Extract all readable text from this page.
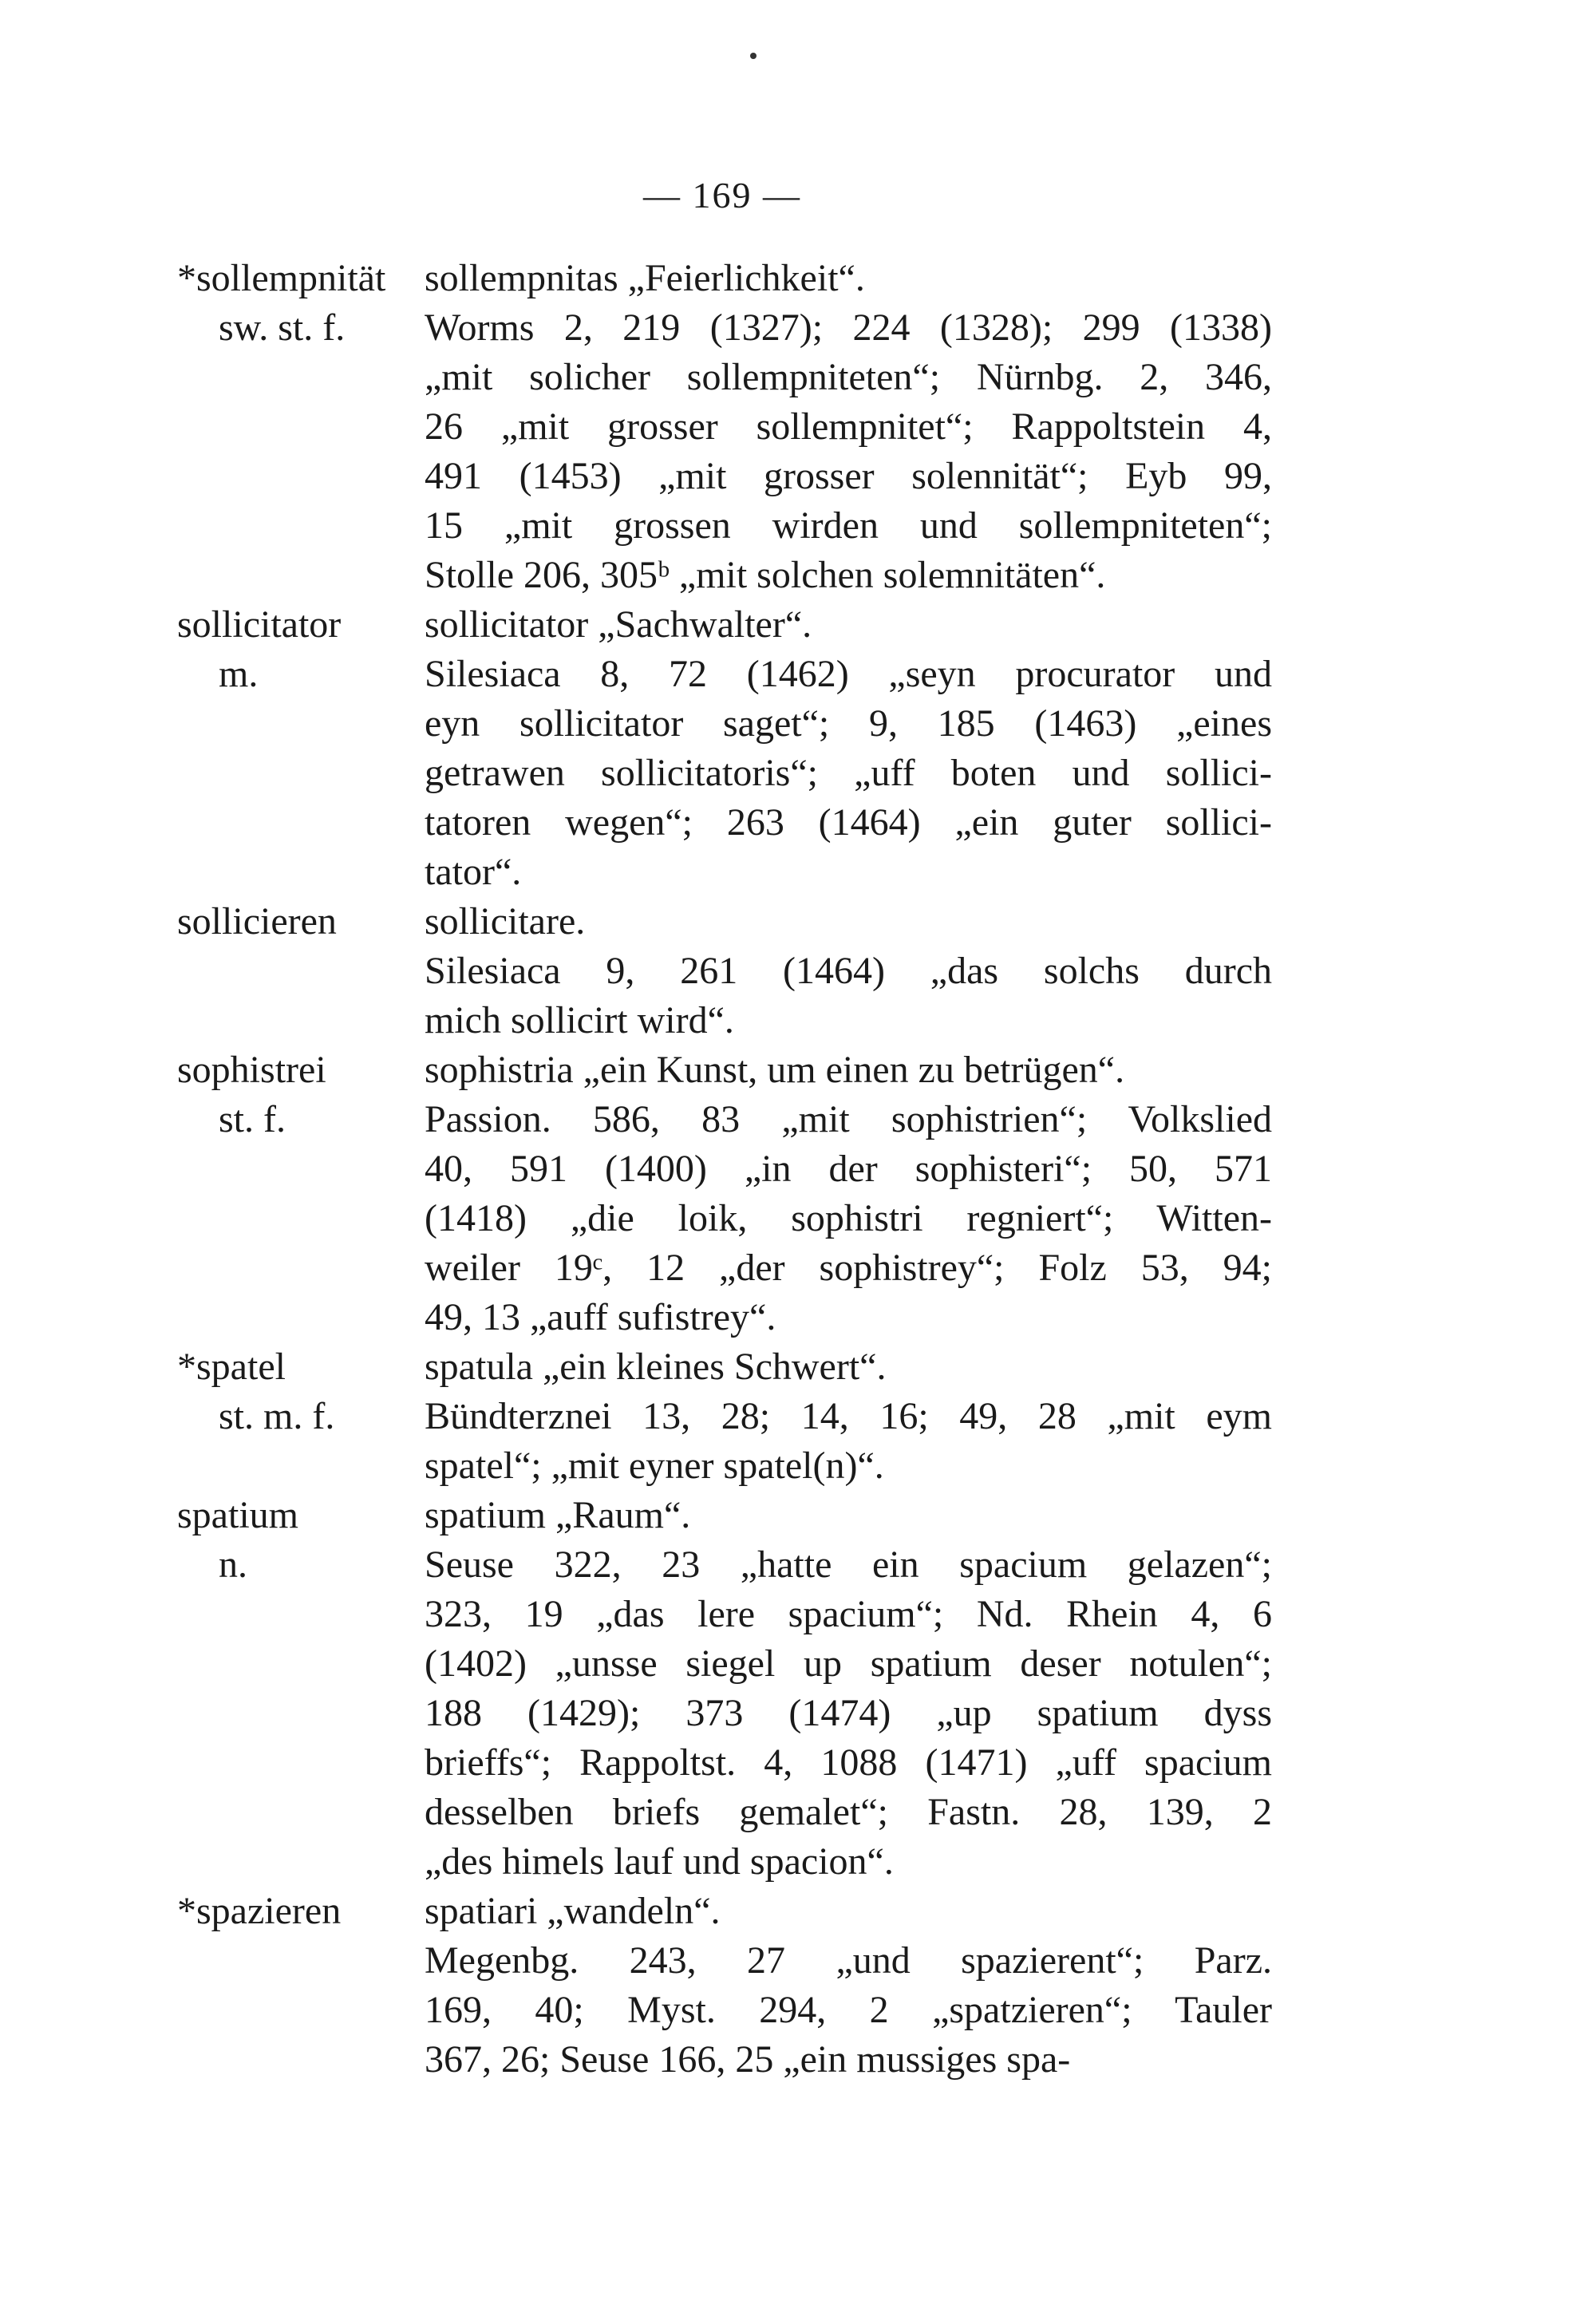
— 169 —
*sollempnität
sw. st. f.
sollempnitas „Feierlichkeit“.
Worms 2, 219 (1327); 224 (1328); 299 (1338)
„mit solicher sollempniteten“; Nürnbg. 2, 346,
26 „mit grosser sollempnitet“; Rappoltstein 4,
491 (1453) „mit grosser solennität“; Eyb 99,
15 „mit grossen wirden und sollempniteten“;
Stolle 206, 305ᵇ „mit solchen solemnitäten“.
sollicitator
m.
sollicitator „Sachwalter“.
Silesiaca 8, 72 (1462) „seyn procurator und
eyn sollicitator saget“; 9, 185 (1463) „eines
getrawen sollicitatoris“; „uff boten und sollici-
tatoren wegen“; 263 (1464) „ein guter sollici-
tator“.
sollicieren	sollicitare.
Silesiaca 9, 261 (1464) „das solchs durch
mich sollicirt wird“.
sophistrei
st. f.
sophistria „ein Kunst, um einen zu betrügen“.
Passion. 586, 83 „mit sophistrien“; Volkslied
40, 591 (1400) „in der sophisteri“; 50, 571
(1418) „die loik, sophistri regniert“; Witten-
weiler 19ᶜ, 12 „der sophistrey“; Folz 53, 94;
49, 13 „auff sufistrey“.
*spatel
st. m. f.
spatula „ein kleines Schwert“.
Bündterznei 13, 28; 14, 16; 49, 28 „mit eym
spatel“; „mit eyner spatel(n)“.
spatium
n.
spatium „Raum“.
Seuse 322, 23 „hatte ein spacium gelazen“;
323, 19 „das lere spacium“; Nd. Rhein 4, 6
(1402) „unsse siegel up spatium deser notulen“;
188 (1429); 373 (1474) „up spatium dyss
brieffs“; Rappoltst. 4, 1088 (1471) „uff spacium
desselben briefs gemalet“; Fastn. 28, 139, 2
„des himels lauf und spacion“.
*spazieren	spatiari „wandeln“.
Megenbg. 243, 27 „und spazierent“; Parz.
169, 40; Myst. 294, 2 „spatzieren“; Tauler
367, 26; Seuse 166, 25 „ein mussiges spa-
